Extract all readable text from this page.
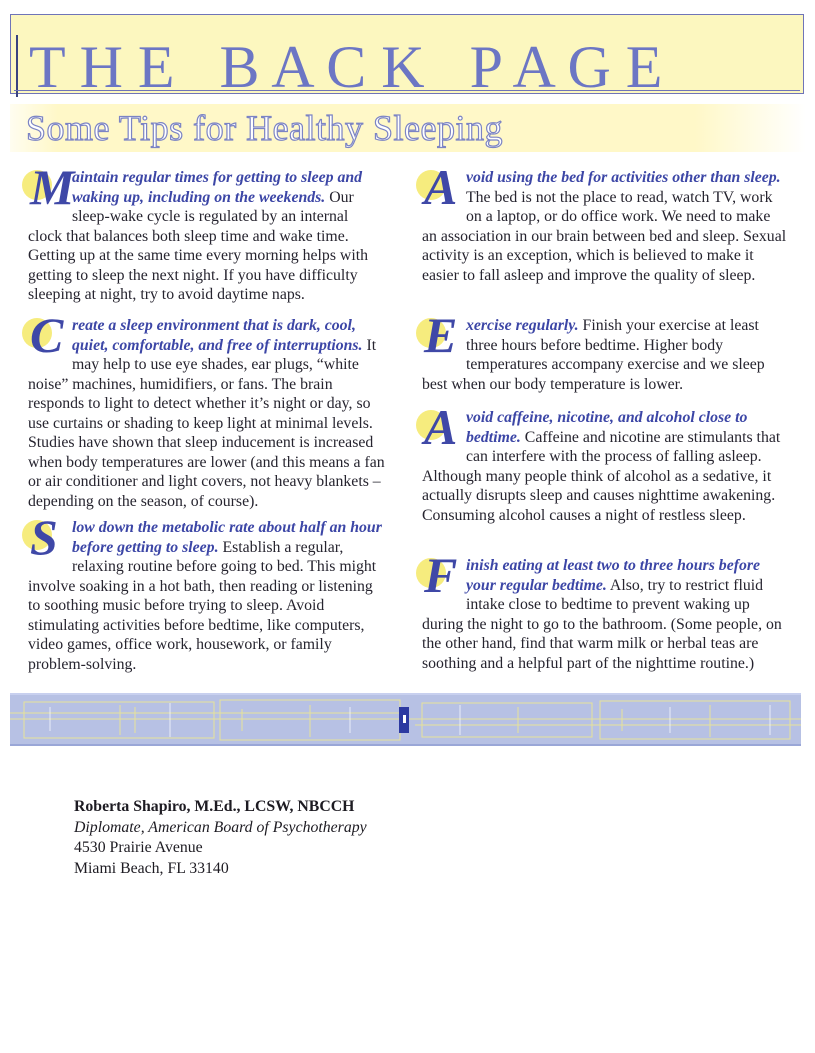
T H E   B A C K   P A G E
Some Tips for Healthy Sleeping
M
aintain regular times for getting to sleep and waking up, including on the weekends. Our sleep-wake cycle is regulated by an internal clock that balances both sleep time and wake time. Getting up at the same time every morning helps with getting to sleep the next night. If you have difficulty sleeping at night, try to avoid daytime naps.
C reate a sleep environment that is dark, cool, quiet, comfortable, and free of interruptions. It may help to use eye shades, ear plugs, “white noise” machines, humidifiers, or fans. The brain responds to light to detect whether it’s night or day, so use curtains or shading to keep light at minimal levels. Studies have shown that sleep inducement is increased when body temperatures are lower (and this means a fan or air conditioner and light covers, not heavy blankets – depending on the season, of course).
S low down the metabolic rate about half an hour before getting to sleep. Establish a regular, relaxing routine before going to bed. This might involve soaking in a hot bath, then reading or listening to soothing music before trying to sleep. Avoid stimulating activities before bedtime, like computers, video games, office work, housework, or family problem-solving.
A void using the bed for activities other than sleep. The bed is not the place to read, watch TV, work on a laptop, or do office work. We need to make an association in our brain between bed and sleep. Sexual activity is an exception, which is believed to make it easier to fall asleep and improve the quality of sleep.
E xercise regularly. Finish your exercise at least three hours before bedtime. Higher body temperatures accompany exercise and we sleep best when our body temperature is lower.
A void caffeine, nicotine, and alcohol close to bedtime. Caffeine and nicotine are stimulants that can interfere with the process of falling asleep. Although many people think of alcohol as a sedative, it actually disrupts sleep and causes nighttime awakening. Consuming alcohol causes a night of restless sleep.
F inish eating at least two to three hours before your regular bedtime. Also, try to restrict fluid intake close to bedtime to prevent waking up during the night to go to the bathroom. (Some people, on the other hand, find that warm milk or herbal teas are soothing and a helpful part of the nighttime routine.)
Roberta Shapiro, M.Ed., LCSW, NBCCH
Diplomate, American Board of Psychotherapy
4530 Prairie Avenue
Miami Beach, FL 33140
